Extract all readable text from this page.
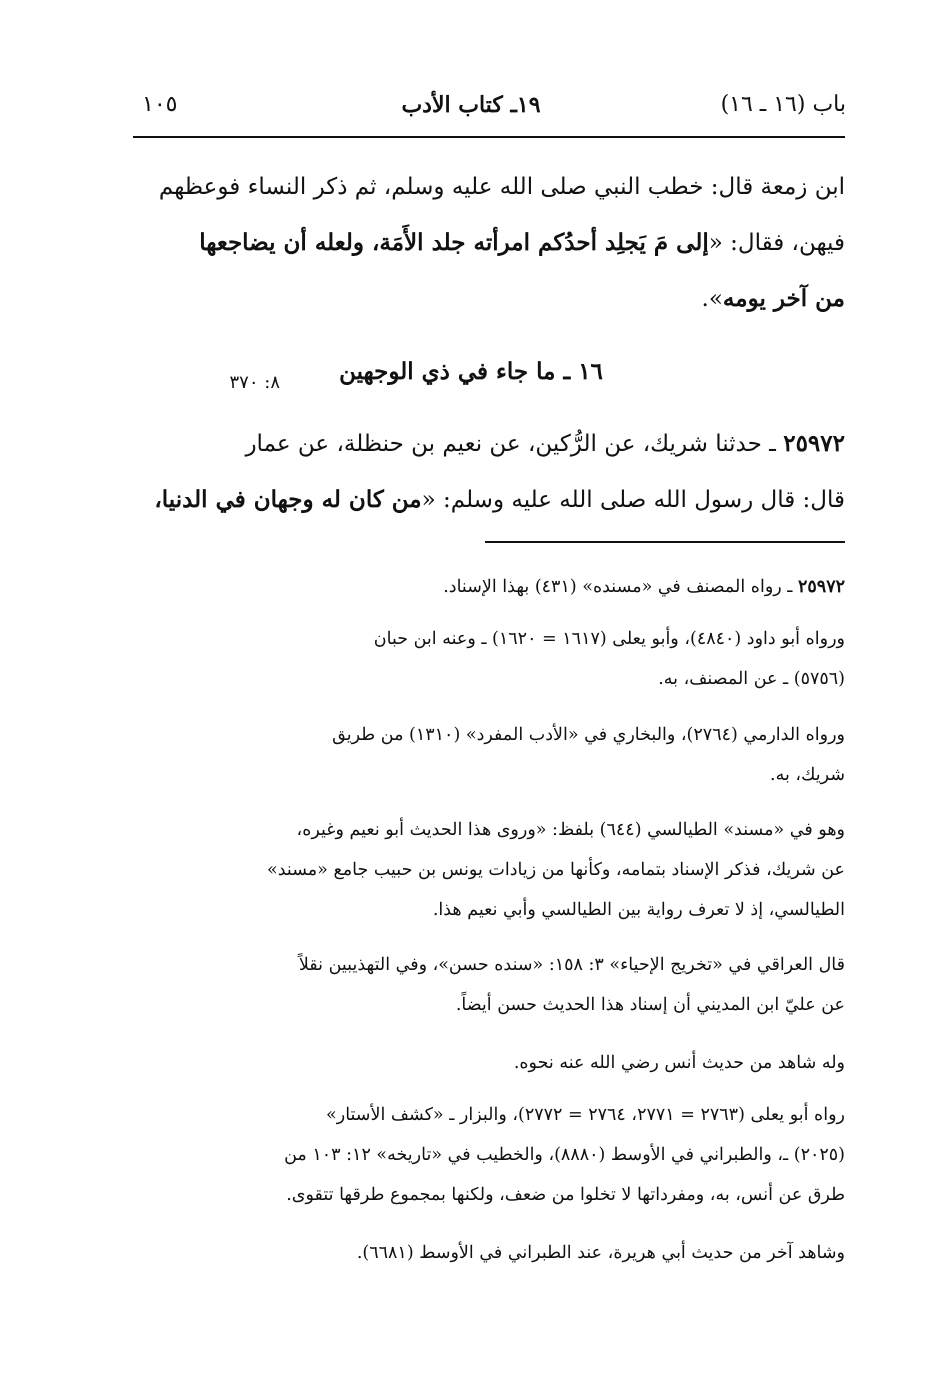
باب (١٦ ـ ١٦)
١٩ـ كتاب الأدب
١٠٥
ابن زمعة قال: خطب النبي صلى الله عليه وسلم، ثم ذكر النساء فوعظهم
فيهن، فقال: «إلى مَ يَجلِد أحدُكم امرأته جلد الأَمَة، ولعله أن يضاجعها
من آخر يومه».
١٦ ـ ما جاء في ذي الوجهين
٨: ٣٧٠
٢٥٩٧٢ ـ حدثنا شريك، عن الرُّكين، عن نعيم بن حنظلة، عن عمار
قال: قال رسول الله صلى الله عليه وسلم: «من كان له وجهان في الدنيا،
٢٥٩٧٢ ـ رواه المصنف في «مسنده» (٤٣١) بهذا الإسناد.
ورواه أبو داود (٤٨٤٠)، وأبو يعلى (١٦١٧ = ١٦٢٠) ـ وعنه ابن حبان
(٥٧٥٦) ـ عن المصنف، به.
ورواه الدارمي (٢٧٦٤)، والبخاري في «الأدب المفرد» (١٣١٠) من طريق
شريك، به.
وهو في «مسند» الطيالسي (٦٤٤) بلفظ: «وروى هذا الحديث أبو نعيم وغيره،
عن شريك، فذكر الإسناد بتمامه، وكأنها من زيادات يونس بن حبيب جامع «مسند»
الطيالسي، إذ لا تعرف رواية بين الطيالسي وأبي نعيم هذا.
قال العراقي في «تخريج الإحياء» ٣: ١٥٨: «سنده حسن»، وفي التهذيبين نقلاً
عن عليّ ابن المديني أن إسناد هذا الحديث حسن أيضاً.
وله شاهد من حديث أنس رضي الله عنه نحوه.
رواه أبو يعلى (٢٧٦٣ = ٢٧٧١، ٢٧٦٤ = ٢٧٧٢)، والبزار ـ «كشف الأستار»
(٢٠٢٥) ـ، والطبراني في الأوسط (٨٨٨٠)، والخطيب في «تاريخه» ١٢: ١٠٣ من
طرق عن أنس، به، ومفرداتها لا تخلوا من ضعف، ولكنها بمجموع طرقها تتقوى.
وشاهد آخر من حديث أبي هريرة، عند الطبراني في الأوسط (٦٦٨١).
